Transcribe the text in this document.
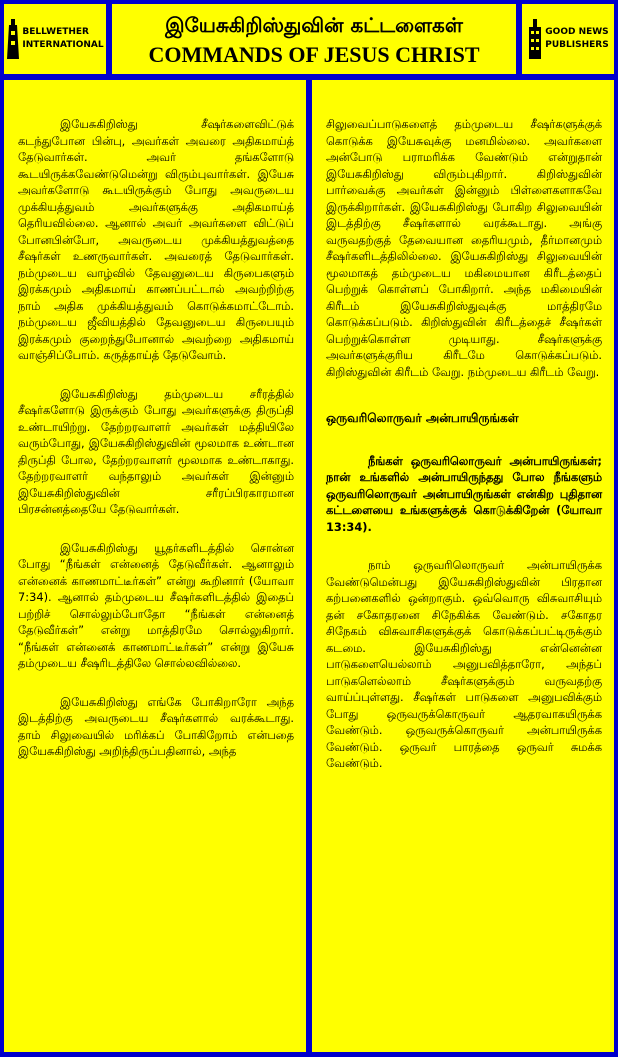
BELLWETHER
INTERNATIONAL
இயேசுகிறிஸ்துவின் கட்டளைகள்
COMMANDS OF JESUS CHRIST
GOOD NEWS
PUBLISHERS

இயேசுகிறிஸ்து சீஷர்களைவிட்டுக் கடந்துபோன பின்பு, அவர்கள் அவரை அதிகமாய்த் தேடுவார்கள். அவர் தங்களோடு கூடயிருக்கவேண்டுமென்று விரும்புவார்கள். இயேசு அவர்களோடு கூடயிருக்கும் போது அவருடைய முக்கியத்துவம் அவர்களுக்கு அதிகமாய்த் தெரியவில்லை. ஆனால் அவர் அவர்களை விட்டுப் போனபின்போ, அவருடைய முக்கியத்துவத்தை சீஷர்கள் உணருவார்கள். அவரைத் தேடுவார்கள். நம்முடைய வாழ்வில் தேவனுடைய கிருபைகளும் இரக்கமும் அதிகமாய் காணப்பட்டால் அவற்றிற்கு நாம் அதிக முக்கியத்துவம் கொடுக்கமாட்டோம். நம்முடைய ஜீவியத்தில் தேவனுடைய கிருபையும் இரக்கமும் குறைந்துபோனால் அவற்றை அதிகமாய் வாஞ்சிப்போம். கருத்தாய்த் தேடுவோம்.

இயேசுகிறிஸ்து தம்முடைய சரீரத்தில் சீஷர்களோடு இருக்கும் போது அவர்களுக்கு திருப்தி உண்டாயிற்று. தேற்றரவாளர் அவர்கள் மத்தியிலே வரும்போது, இயேசுகிறிஸ்துவின் மூலமாக உண்டான திருப்தி போல, தேற்றரவாளர் மூலமாக உண்டாகாது. தேற்றரவாளர் வந்தாலும் அவர்கள் இன்னும் இயேசுகிறிஸ்துவின் சரீரப்பிரகாரமான பிரசன்னத்தையே தேடுவார்கள்.

இயேசுகிறிஸ்து யூதர்களிடத்தில் சொன்ன போது “நீங்கள் என்னைத் தேடுவீர்கள். ஆனாலும் என்னைக் காணமாட்டீர்கள்” என்று கூறினார் (யோவா 7:34). ஆனால் தம்முடைய சீஷர்களிடத்தில் இதைப் பற்றிச் சொல்லும்போதோ “நீங்கள் என்னைத் தேடுவீர்கள்” என்று மாத்திரமே சொல்லுகிறார். “நீங்கள் என்னைக் காணமாட்டீர்கள்” என்று இயேசு தம்முடைய சீஷரிடத்திலே சொல்லவில்லை.

இயேசுகிறிஸ்து எங்கே போகிறாரோ அந்த இடத்திற்கு அவருடைய சீஷர்களால் வரக்கூடாது. தாம் சிலுவையில் மரிக்கப் போகிறோம் என்பதை இயேசுகிறிஸ்து அறிந்திருப்பதினால், அந்த

சிலுவைப்பாடுகளைத் தம்முடைய சீஷர்களுக்குக் கொடுக்க இயேசுவுக்கு மனமில்லை. அவர்களை அன்போடு பராமரிக்க வேண்டும் என்றுதான் இயேசுகிறிஸ்து விரும்புகிறார். கிறிஸ்துவின் பார்வைக்கு அவர்கள் இன்னும் பிள்ளைகளாகவே இருக்கிறார்கள். இயேசுகிறிஸ்து போகிற சிலுவையின் இடத்திற்கு சீஷர்களால் வரக்கூடாது. அங்கு வருவதற்குத் தேவையான தைரியமும், தீர்மானமும் சீஷர்களிடத்திலில்லை. இயேசுகிறிஸ்து சிலுவையின் மூலமாகத் தம்முடைய மகிமையான கிரீடத்தைப் பெற்றுக் கொள்ளப் போகிறார். அந்த மகிமையின் கிரீடம் இயேசுகிறிஸ்துவுக்கு மாத்திரமே கொடுக்கப்படும். கிறிஸ்துவின் கிரீடத்தைச் சீஷர்கள் பெற்றுக்கொள்ள முடியாது. சீஷர்களுக்கு அவர்களுக்குரிய கிரீடமே கொடுக்கப்படும். கிறிஸ்துவின் கிரீடம் வேறு. நம்முடைய கிரீடம் வேறு.

ஒருவரிலொருவர் அன்பாயிருங்கள்

நீங்கள் ஒருவரிலொருவர் அன்பாயிருங்கள்; நான் உங்களில் அன்பாயிருந்தது போல நீங்களும் ஒருவரிலொருவர் அன்பாயிருங்கள் என்கிற புதிதான கட்டளையை உங்களுக்குக் கொடுக்கிறேன் (யோவா 13:34).

நாம் ஒருவரிலொருவர் அன்பாயிருக்க வேண்டுமென்பது இயேசுகிறிஸ்துவின் பிரதான கற்பனைகளில் ஒன்றாகும். ஒவ்வொரு விசுவாசியும் தன் சகோதரனை சிநேகிக்க வேண்டும். சகோதர சிநேகம் விசுவாசிகளுக்குக் கொடுக்கப்பட்டிருக்கும் கடமை. இயேசுகிறிஸ்து என்னென்ன பாடுகளையெல்லாம் அனுபவித்தாரோ, அந்தப் பாடுகளெல்லாம் சீஷர்களுக்கும் வருவதற்கு வாய்ப்புள்ளது. சீஷர்கள் பாடுகளை அனுபவிக்கும் போது ஒருவருக்கொருவர் ஆதரவாகயிருக்க வேண்டும். ஒருவருக்கொருவர் அன்பாயிருக்க வேண்டும். ஒருவர் பாரத்தை ஒருவர் சுமக்க வேண்டும்.
